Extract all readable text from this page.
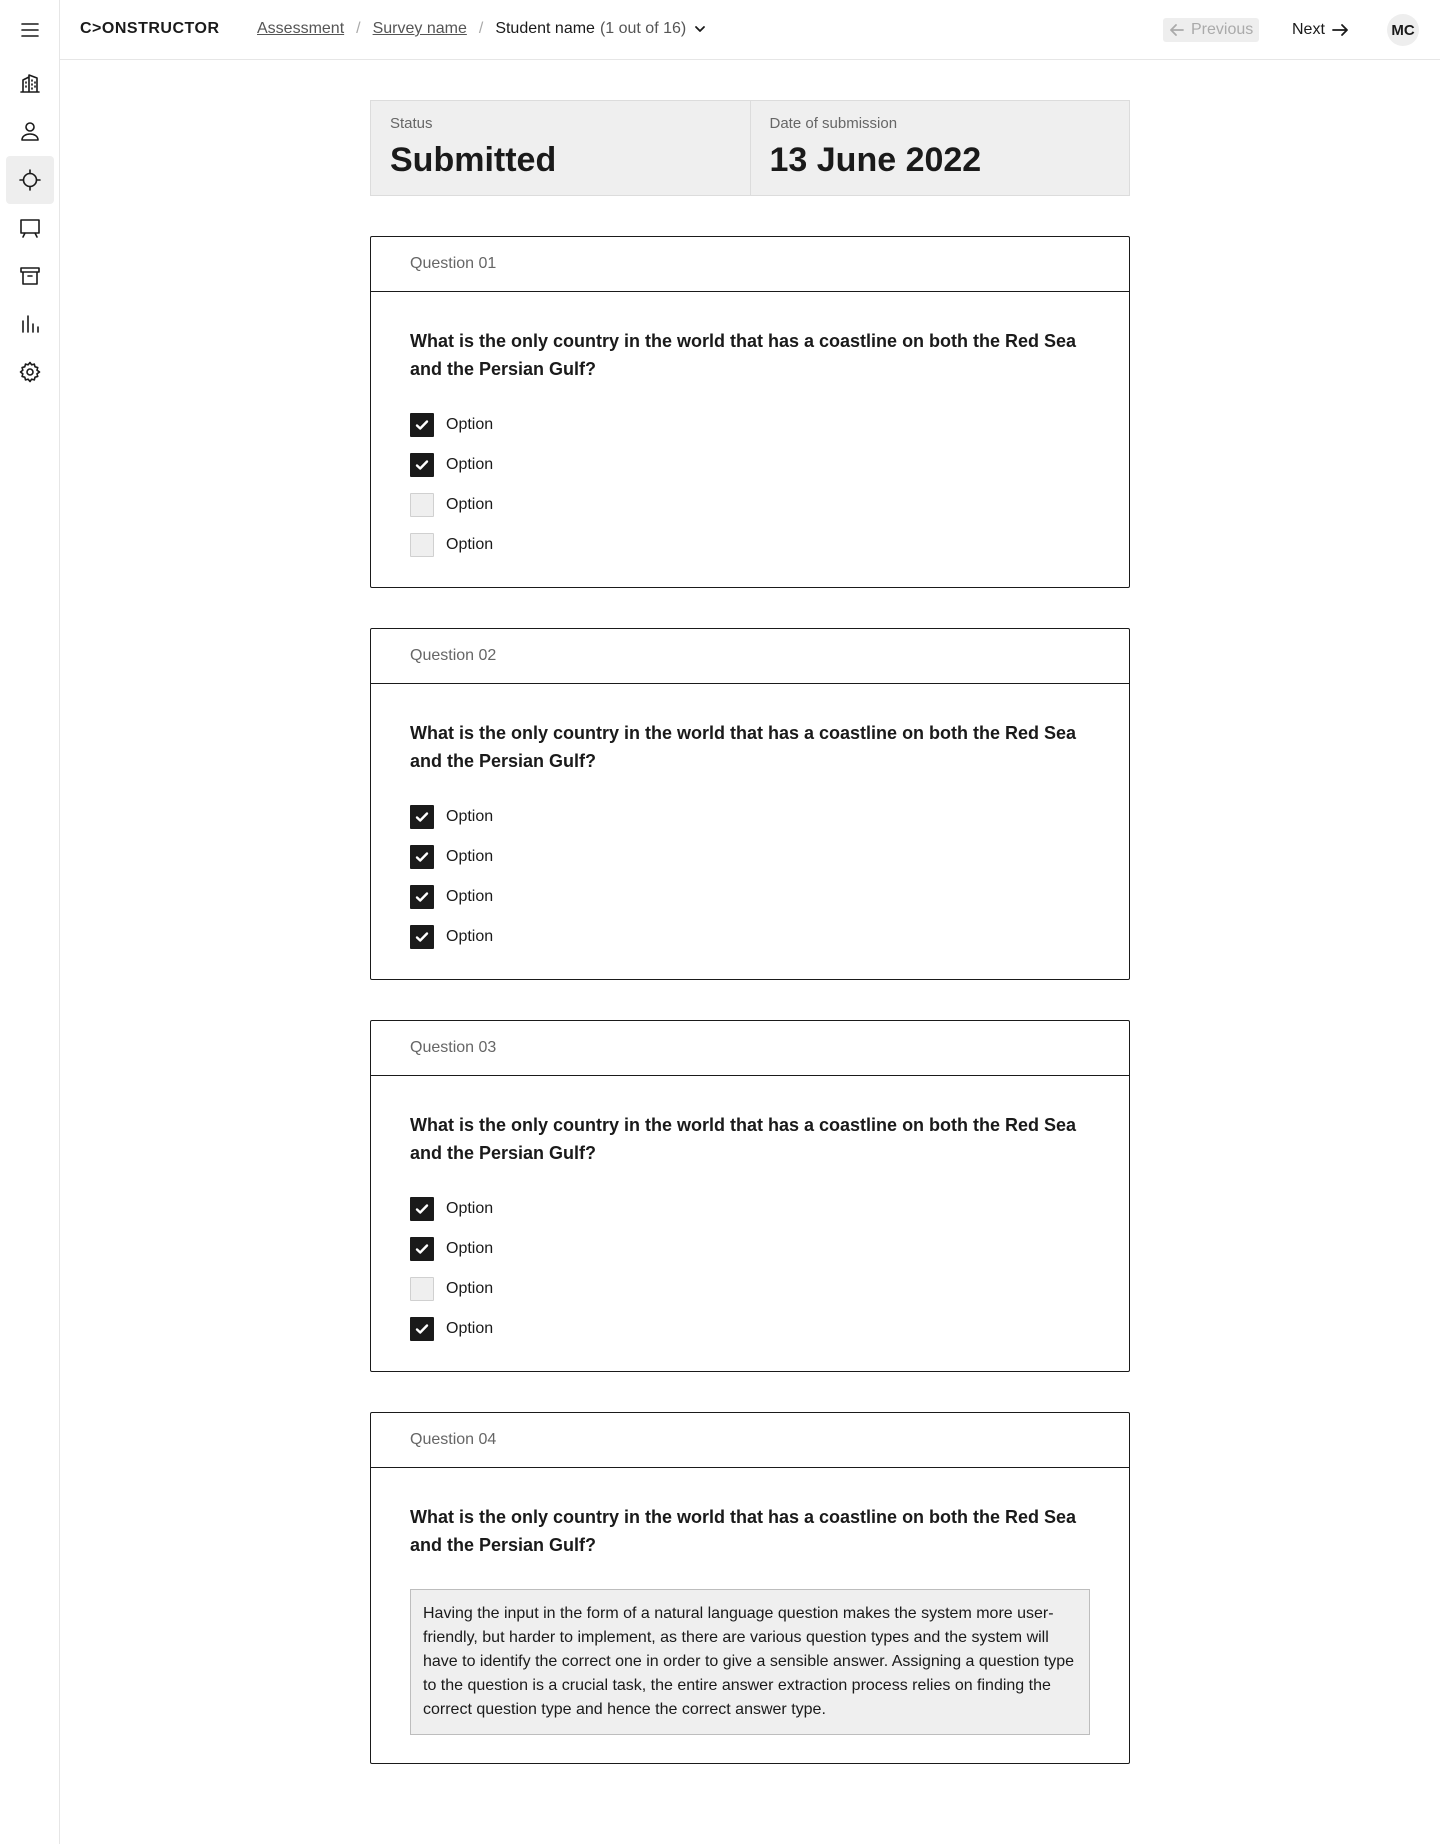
C>ONSTRUCTOR Assessment / Survey name / Student name (1 out of 16)	Previous Next	MC
Status
Submitted
Date of submission
13 June 2022
Question 01
What is the only country in the world that has a coastline on both the Red Sea and the Persian Gulf?
Option
Option
Option
Option
Question 02
What is the only country in the world that has a coastline on both the Red Sea and the Persian Gulf?
Option
Option
Option
Option
Question 03
What is the only country in the world that has a coastline on both the Red Sea and the Persian Gulf?
Option
Option
Option
Option
Question 04
What is the only country in the world that has a coastline on both the Red Sea and the Persian Gulf?
Having the input in the form of a natural language question makes the system more user-friendly, but harder to implement, as there are various question types and the system will have to identify the correct one in order to give a sensible answer. Assigning a question type to the question is a crucial task, the entire answer extraction process relies on finding the correct question type and hence the correct answer type.
